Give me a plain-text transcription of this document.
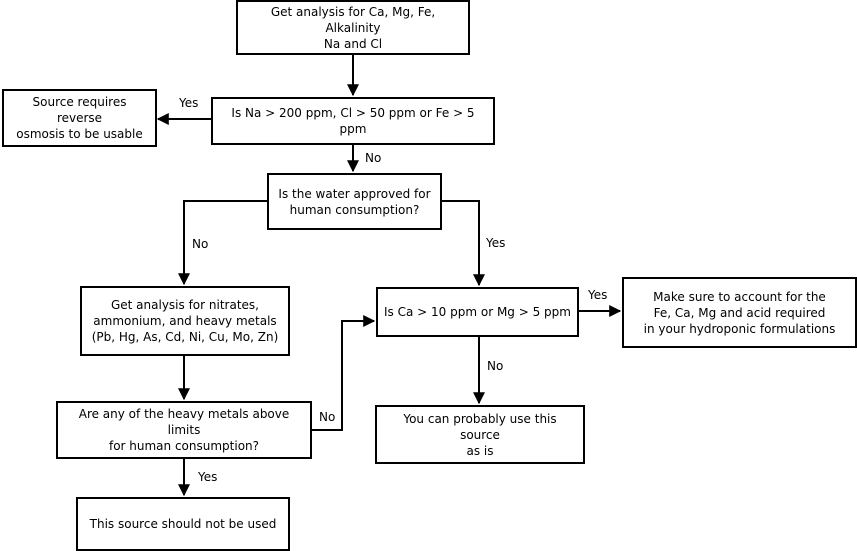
Get analysis for Ca, Mg, Fe, Alkalinity
Na and Cl
Is Na > 200 ppm, Cl > 50 ppm or Fe > 5 ppm
Source requires reverse
osmosis to be usable
Is the water approved for
human consumption?
Get analysis for nitrates,
ammonium, and heavy metals
(Pb, Hg, As, Cd, Ni, Cu, Mo, Zn)
Are any of the heavy metals above limits
for human consumption?
This source should not be used
Is Ca > 10 ppm or Mg > 5 ppm
You can probably use this source
as is
Make sure to account for the
Fe, Ca, Mg and acid required
in your hydroponic formulations
Yes
No
No	Yes
No
Yes
Yes
No
